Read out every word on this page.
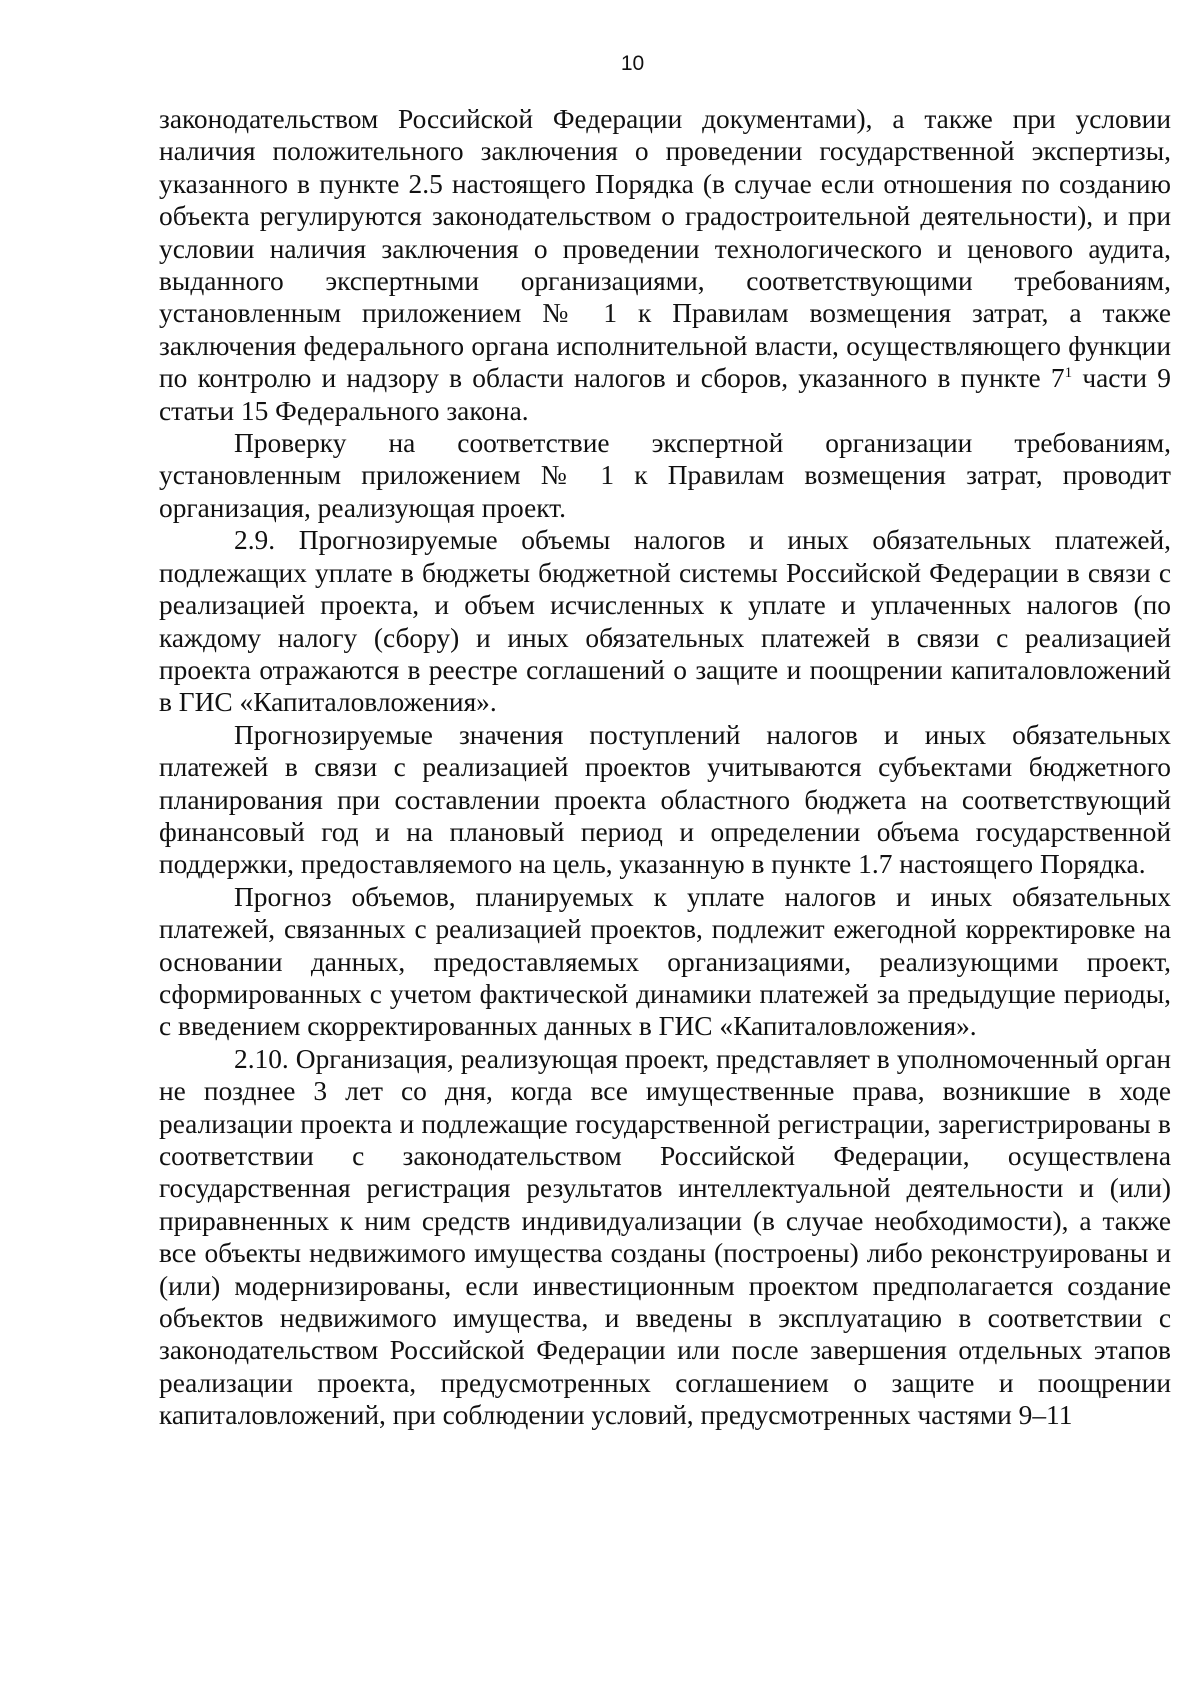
10

законодательством Российской Федерации документами), а также при условии наличия положительного заключения о проведении государственной экспертизы, указанного в пункте 2.5 настоящего Порядка (в случае если отношения по созданию объекта регулируются законодательством о градостроительной деятельности), и при условии наличия заключения о проведении технологического и ценового аудита, выданного экспертными организациями, соответствующими требованиям, установленным приложением № 1 к Правилам возмещения затрат, а также заключения федерального органа исполнительной власти, осуществляющего функции по контролю и надзору в области налогов и сборов, указанного в пункте $7^1$ части 9 статьи 15 Федерального закона.

Проверку на соответствие экспертной организации требованиям, установленным приложением № 1 к Правилам возмещения затрат, проводит организация, реализующая проект.

2.9. Прогнозируемые объемы налогов и иных обязательных платежей, подлежащих уплате в бюджеты бюджетной системы Российской Федерации в связи с реализацией проекта, и объем исчисленных к уплате и уплаченных налогов (по каждому налогу (сбору) и иных обязательных платежей в связи с реализацией проекта отражаются в реестре соглашений о защите и поощрении капиталовложений в ГИС «Капиталовложения».

Прогнозируемые значения поступлений налогов и иных обязательных платежей в связи с реализацией проектов учитываются субъектами бюджетного планирования при составлении проекта областного бюджета на соответствующий финансовый год и на плановый период и определении объема государственной поддержки, предоставляемого на цель, указанную в пункте 1.7 настоящего Порядка.

Прогноз объемов, планируемых к уплате налогов и иных обязательных платежей, связанных с реализацией проектов, подлежит ежегодной корректировке на основании данных, предоставляемых организациями, реализующими проект, сформированных с учетом фактической динамики платежей за предыдущие периоды, с введением скорректированных данных в ГИС «Капиталовложения».

2.10. Организация, реализующая проект, представляет в уполномоченный орган не позднее 3 лет со дня, когда все имущественные права, возникшие в ходе реализации проекта и подлежащие государственной регистрации, зарегистрированы в соответствии с законодательством Российской Федерации, осуществлена государственная регистрация результатов интеллектуальной деятельности и (или) приравненных к ним средств индивидуализации (в случае необходимости), а также все объекты недвижимого имущества созданы (построены) либо реконструированы и (или) модернизированы, если инвестиционным проектом предполагается создание объектов недвижимого имущества, и введены в эксплуатацию в соответствии с законодательством Российской Федерации или после завершения отдельных этапов реализации проекта, предусмотренных соглашением о защите и поощрении капиталовложений, при соблюдении условий, предусмотренных частями 9–11
